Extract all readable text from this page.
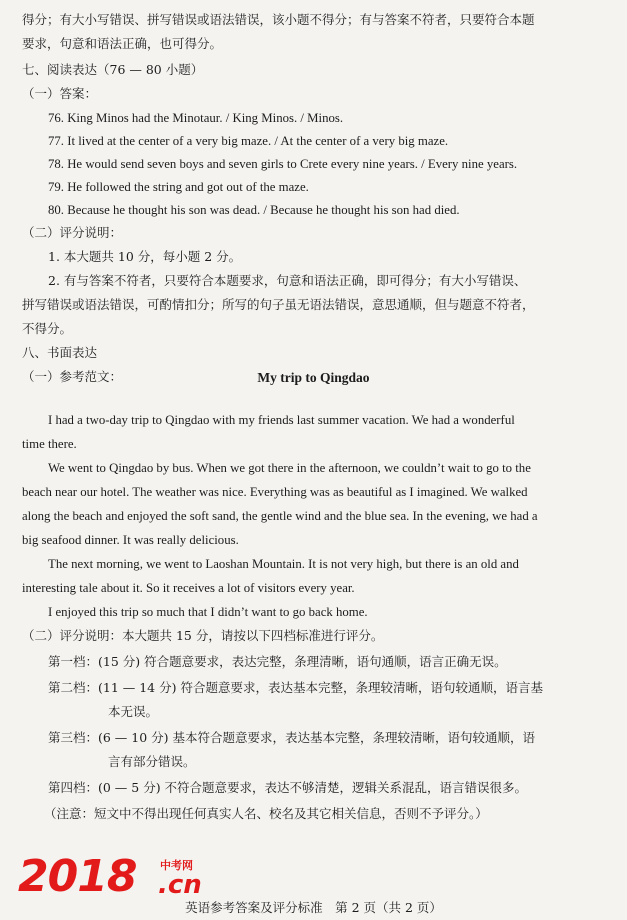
得分；有大小写错误、拼写错误或语法错误，该小题不得分；有与答案不符者，只要符合本题
要求，句意和语法正确，也可得分。
七、阅读表达（76 — 80 小题）
（一）答案：
76. King Minos had the Minotaur. / King Minos. / Minos.
77. It lived at the center of a very big maze. / At the center of a very big maze.
78. He would send seven boys and seven girls to Crete every nine years. / Every nine years.
79. He followed the string and got out of the maze.
80. Because he thought his son was dead. / Because he thought his son had died.
（二）评分说明：
1. 本大题共 10 分，每小题 2 分。
2. 有与答案不符者，只要符合本题要求，句意和语法正确，即可得分；有大小写错误、
拼写错误或语法错误，可酌情扣分；所写的句子虽无语法错误，意思通顺，但与题意不符者，
不得分。
八、书面表达
（一）参考范文：	My trip to Qingdao
I had a two-day trip to Qingdao with my friends last summer vacation. We had a wonderful
time there.
We went to Qingdao by bus. When we got there in the afternoon, we couldn’t wait to go to the
beach near our hotel. The weather was nice. Everything was as beautiful as I imagined. We walked
along the beach and enjoyed the soft sand, the gentle wind and the blue sea. In the evening, we had a
big seafood dinner. It was really delicious.
The next morning, we went to Laoshan Mountain. It is not very high, but there is an old and
interesting tale about it. So it receives a lot of visitors every year.
I enjoyed this trip so much that I didn’t want to go back home.
（二）评分说明：本大题共 15 分，请按以下四档标准进行评分。
第一档：(15 分) 符合题意要求，表达完整，条理清晰，语句通顺，语言正确无误。
第二档：(11 — 14 分) 符合题意要求，表达基本完整，条理较清晰，语句较通顺，语言基
本无误。
第三档：(6 — 10 分) 基本符合题意要求，表达基本完整，条理较清晰，语句较通顺，语
言有部分错误。
第四档：(0 — 5 分) 不符合题意要求，表达不够清楚，逻辑关系混乱，语言错误很多。
（注意：短文中不得出现任何真实人名、校名及其它相关信息，否则不予评分。）
2018 中考网
.cn
英语参考答案及评分标准　第 2 页（共 2 页）
